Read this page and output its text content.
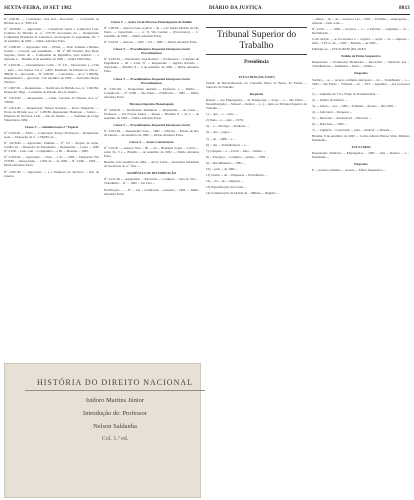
SEXTA-FEIRA, 10 SET 1982	DIÁRIO DA JUSTIÇA	8813

Nº 2.99-82 — Contratado: José Gui... Recorrido: ... Contradita da Divisão A-e, n.º 8/82 4-8.

Nº 3.030-82 — Agravante: ... Consultoria Geral e Comercial Ltda. Contrato da Divisão A, n.º 275/79: decorrente de ... Requerente: Companhia Brasileira de Cartuchos, encarregada do expediente, fls. 7 de setembro de 1982 — Diário Abrantes Faria.

Nº 3.006-82 — Agravante: Juíz ... EDAL — Rolo Toninha e Ribeiro Gomes ... Lacerda, que atualmente ... Bi. 1° DE Ferreira, Rua Bodo Sagrada, Chefe da ... Companhia da República, pelo referido ... e depósito à ... Brasília, 9 de setembro de 1982 — Sônia Vidal Dias.

Nº 2.910-82 — Cancelamento: Colin ... Nº 2.8 ... Decorrente: (...) Vila ... Lula ... dos Santos. Lei n.º 2.805: Resultado da Divisão da Vila n.º 389/92, 0 ... Recorrido ... Nº 3.08-82: ... Convertido ... de n.º 5.806/82, Requerimento ... aprovado. 1 de setembro de 1982 — Secretaria Deyse Teixeira.

Nº 2.907-82 — Requerentes ... Notificado da Divisão A-e, n.º 1.002/82. Despacho: Diga ... Comissão do Estado, Rio de Janeiro.

Nº 2.910-82 — Requerente: ... Lima, Carolina da Divisão A-e, n.º 738/82.

Nº 2.912-82 — Requerente: Nelson Ronaldo ... Rosa. Despacho: ... Notas da Divisão A-e, n.º 1.180/82. Requerente: Henrique ... Santos ... Empresa de Serviços, Ltda. ... Rio de Janeiro — ... Terminal de Carga Valencianos 1982.

Classe V — Administração 2.ª Espécie

Nº 2.916-82 — EXO — Contratado: Estaço Professora ... Requerente: Geia, ... Despacho de n.º 1.790/82, de ...

Nº 3.018-82 — Agravante: Unidade ... Nº 3.0 ... Projeto de Ação, Crédito 01 ... Despacho de Expediente ... Requerente: ... Lessa ... 1982 Nº 2.918 ... Ltda. com ... Companhia ... e Bi. ... Brasília ... 1982.

Nº 3.019-82 — Agravante: ... Nota ... e Sr. ... 1982 ... Despacho: Em 27/8/82 ... Interposição ... 1.082 de ... de 1982 ... Nº 3.040 ... 1982 ... Diário Abrantes Faria.

Nº 2.997-82 — Agravante: ... a a Empresa de Serviços ... Rio de Janeiro.

Classe V — Ações Cível-Diversas Homologação de Pedido

Nº 2.98-80 — Autora: Ivete Goulart ... da ... e do Ilustre Distrito de São Paulo — Capacitado ... ... n.º 8, Vila Gomes ... (Procurador) ... 1.º setembro de 1982 — Diário Abrantes Faria.

Nº 3.04-81 — Autora: ... 1922 ... 0.5 ... 1982 — Diário Abrantes Faria.

Classe V — Procedimentos Depoente Interposto Geral Procedimentos

Nº 3.010-81 — Declarante: José Roberto ... Professores ... Conjunto de Engenharia ... 20 ... Ltda. Nº ... Requerente ... Agrário Ricardo ... Agravante ... Brasília, 8 ... 2 de setembro de 1982 — Diário Abrantes Faria.

Classe V — Procedimentos Depoente Interposto Geral Procedimentos

Nº 3.021-82 — Requerente: Antonio ... Professor, a ... Dalmo ... Consultoria ... Nº 3.000 ... São Paulo ... Notificado ... 1982 — Diário Abrantes Faria.

Herança Depósito Homologado

Nº 3.002-81 — Declarante: Raimundo ... Requerente ... da Costa ... Professor ... das Forças Santos ... Reque ... Brasília, 8 ... do 2 ... de setembro de 1982 — Diário Abrantes Faria.

Classe V — Procedimentos Depoente Interposto Geral

Nº 3.021-82 — Requerente: José ... 1982 ... Oliveira ... Estado do Rio de Janeiro ... de setembro de 1982 — Diário Abrantes Faria.

Classe X — Ações Contenciosas

Nº 3.10-81 — Autora: Vera ... Bi. ... da ... Henrique Sousa ... Corrêa ... sobre fls. 3 e ... Brasília ... de setembro de 1982 — Diário Abrantes Faria.

Brasília, 6 de setembro de 1982 — Aracy Lúcia ... Secretaria Substituta da Secretaria do 2.º Vara —

AUDIÊNCIA DE DISTRIBUIÇÃO

Nº 3.211-82 — Aquapuzão ... Recorrido ... Conjunto ... Vara do Tiro ... Trabalhista ... Nº ... 1982 ... Da Vara ...

Notificação — ... Nº ... Lei ... notificação ... presente ... 1982 — Diário Abrantes Faria.

Tribunal Superior do Trabalho
Presidência

TST-SJ-09/82 (DS-114/87)

Pedido de Reconsideração no Conselho Pleno do Banco do Estado ... Superior de Trabalho

Despacho

Requer ... dos Empregados ... da Transportes ... Jorge ... e ... São Paulo. ... Desembargador ... Manoel ... Relator ... (...) ... junto ao Tribunal Superior do Trabalho ...

1) ... que ... o ... ativo ...

2) Nada ... a ... pelo ... 1979;

3) ... a ... Encargo ... Sindicato ...

4) ... dos ... pagos ...

5) ... de ... 1980 ... e ...

6) ... das ... Trabalhadores ... e ...

7) Compete ... e ... Prevê ... feita ... Salário ...

8) ... Encargos ... Conjunto ... quanto ... 1982 ...

9) ... Recolhimento ... 1981 ...

10) ... pela ... de 1982 ...

11) Custas ... de ... Empresas ... Previdência ...

12) ... da ... de ... empresa ...

13) Especificação de Contas ...

14) Comunicação da Ordem de ... Bilhete ... Registro ...

... efetue ... de ... de ... recursos, Lei ... 1982 ... Trabalho ... empregados ... referida ... bem como ...

Nº 4.019 — ... 1982 ... recursos ... à ... e Petróleo ... seguintes ... ao ... Reclamação ...

Com relação ... ao Procurador e ... registro ... seção ... da ... empresa ... bem ... TST 4.º de ... 1982 ... Brasília ... de 1982 ...

Publique-se ... TST-SJ-80/82 (DS-40-87)

Pedido de Efeito Suspensivo

Requerente: ... Professores Mandarius ... Recorrido: ... Sindicato dos ... Trabalhadores ... Indústrias ... Paulo ... Salário ...

Despacho

Verifico ... se ... recurso ordinário interposto ... da ... Trabalhador ... a ... 1982 ... São Paulo ... Tribunal ... do ... TST ... seguintes ... dos processos ...

1) — Aumento de 7% a Título de Produtividade ...

2) — Salário Normativo ...

3) — Abono ... aos ... 1982 ... Tribunal ... decreto ... RO-1982 ...

4) — Adicional ... Despesas ...

5) — Desconto ... Assistencial ... Diretoria ...

6) — Data-base ... 1982 ...

7) — Vigência ... Convenção ... pela ... sindical ... cláusula ...

Brasília, 8 de setembro de 1982 — Carlos Alberto Barata Silva, Ministro Presidente.

TST-SJ-86/82

Requerente: Sindicato ... Empregados ... 1982 ... Juiz ... Relator ... e ... Presidente ...

Despacho

E ... recurso ordinário ... recurso ... Efeito Suspensivo ...

HISTÓRIA DO DIREITO NACIONAL
Isidoro Martins Júnior
Introdução de: Professor
Nelson Saldanha
Col. 1.ª ed.
